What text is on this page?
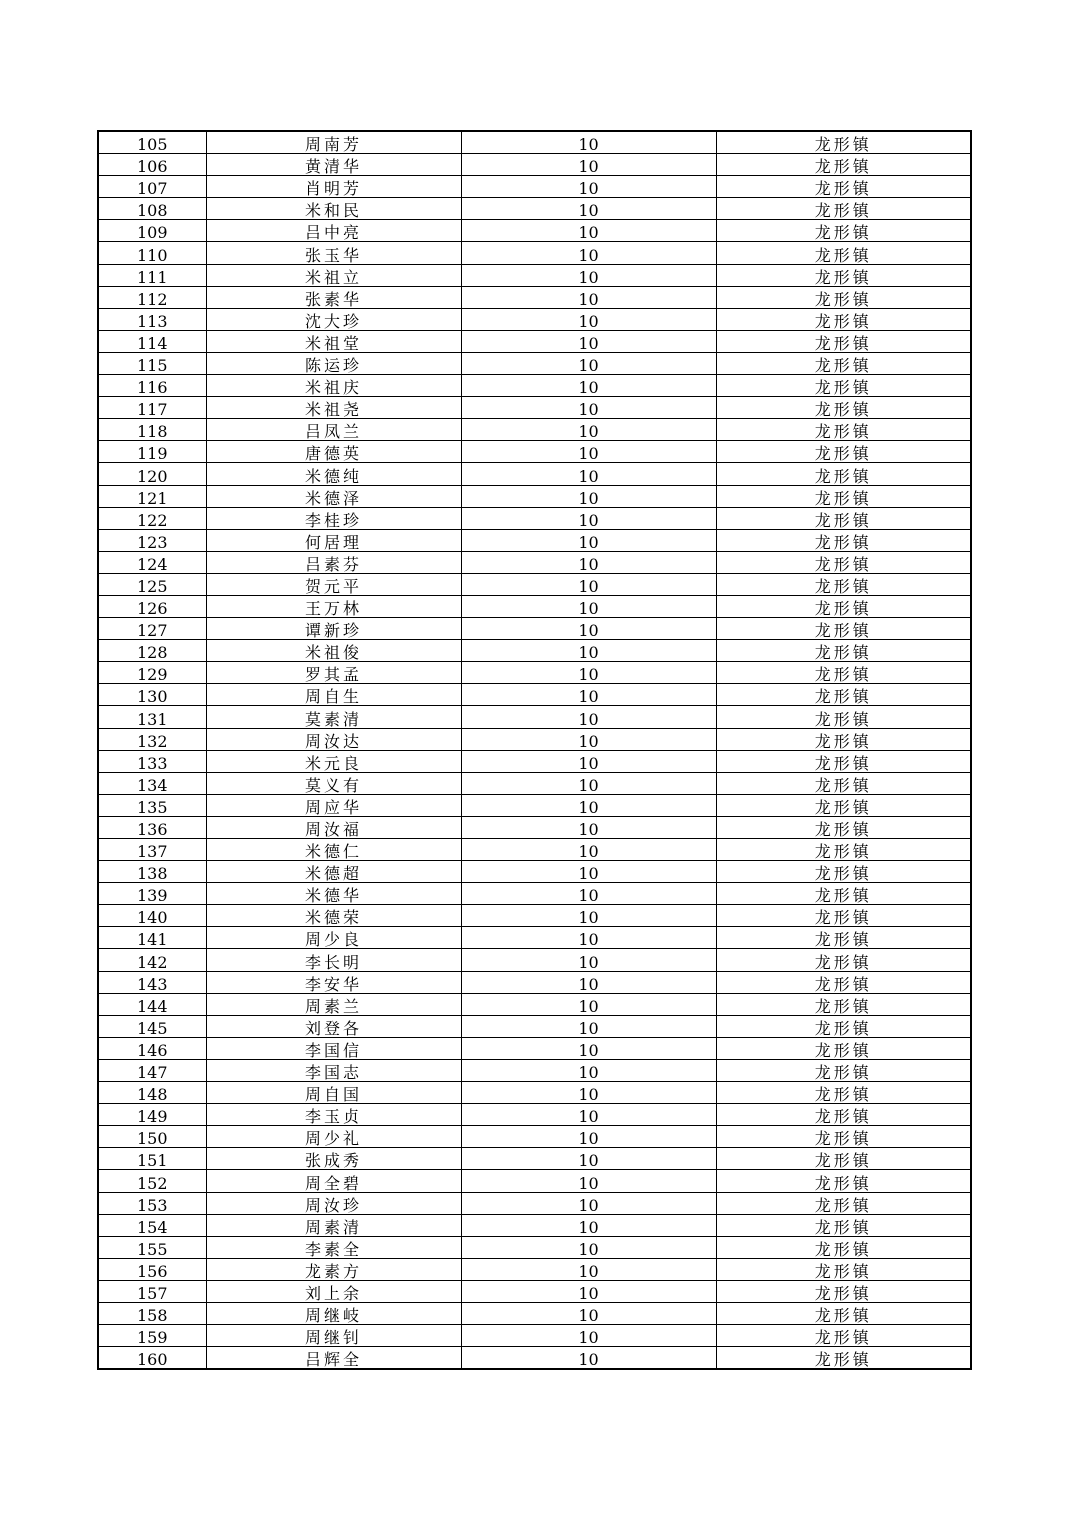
105	周南芳	10	龙形镇
106	黄清华	10	龙形镇
107	肖明芳	10	龙形镇
108	米和民	10	龙形镇
109	吕中亮	10	龙形镇
110	张玉华	10	龙形镇
111	米祖立	10	龙形镇
112	张素华	10	龙形镇
113	沈大珍	10	龙形镇
114	米祖堂	10	龙形镇
115	陈运珍	10	龙形镇
116	米祖庆	10	龙形镇
117	米祖尧	10	龙形镇
118	吕凤兰	10	龙形镇
119	唐德英	10	龙形镇
120	米德纯	10	龙形镇
121	米德泽	10	龙形镇
122	李桂珍	10	龙形镇
123	何居理	10	龙形镇
124	吕素芬	10	龙形镇
125	贺元平	10	龙形镇
126	王万林	10	龙形镇
127	谭新珍	10	龙形镇
128	米祖俊	10	龙形镇
129	罗其孟	10	龙形镇
130	周自生	10	龙形镇
131	莫素清	10	龙形镇
132	周汝达	10	龙形镇
133	米元良	10	龙形镇
134	莫义有	10	龙形镇
135	周应华	10	龙形镇
136	周汝福	10	龙形镇
137	米德仁	10	龙形镇
138	米德超	10	龙形镇
139	米德华	10	龙形镇
140	米德荣	10	龙形镇
141	周少良	10	龙形镇
142	李长明	10	龙形镇
143	李安华	10	龙形镇
144	周素兰	10	龙形镇
145	刘登各	10	龙形镇
146	李国信	10	龙形镇
147	李国志	10	龙形镇
148	周自国	10	龙形镇
149	李玉贞	10	龙形镇
150	周少礼	10	龙形镇
151	张成秀	10	龙形镇
152	周全碧	10	龙形镇
153	周汝珍	10	龙形镇
154	周素清	10	龙形镇
155	李素全	10	龙形镇
156	龙素方	10	龙形镇
157	刘上余	10	龙形镇
158	周继岐	10	龙形镇
159	周继钊	10	龙形镇
160	吕辉全	10	龙形镇
